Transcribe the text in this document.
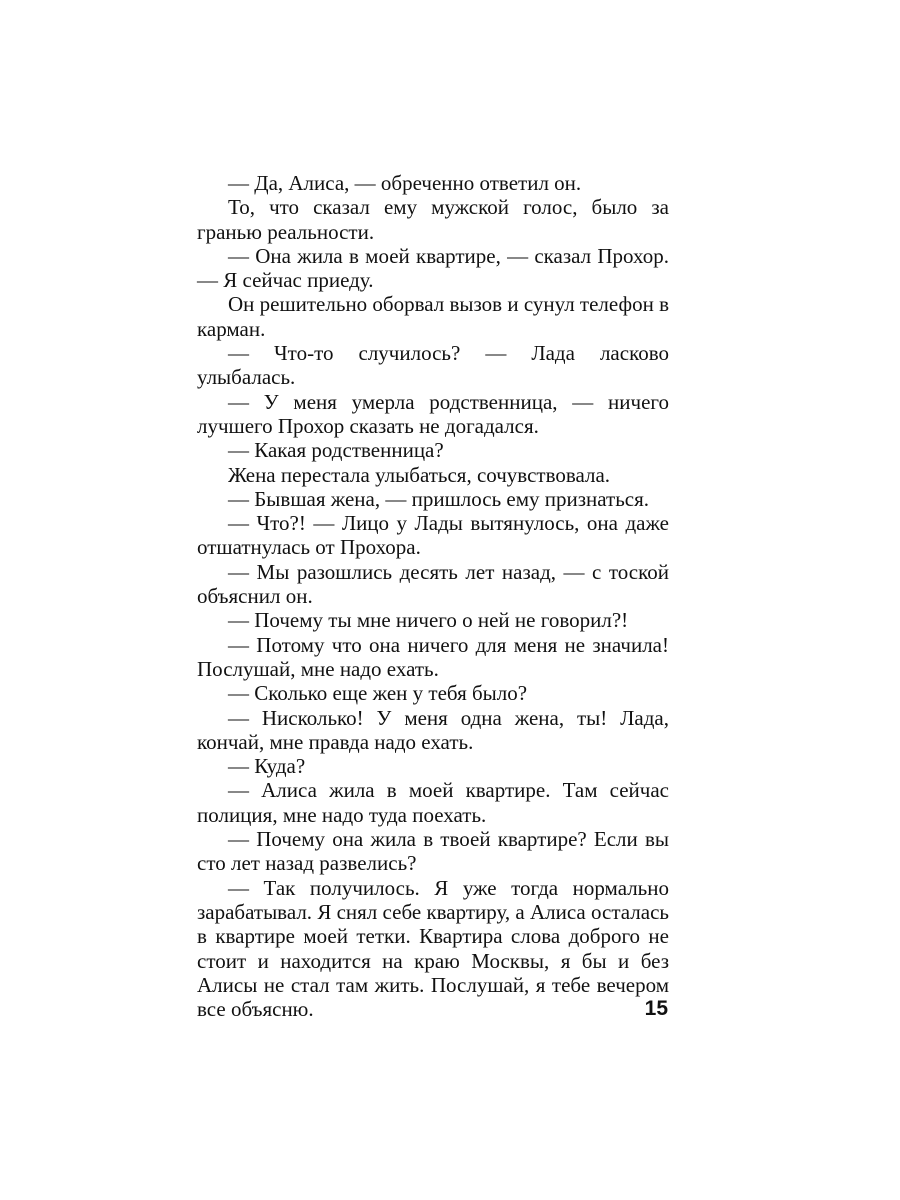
— Да, Алиса, — обреченно ответил он.

То, что сказал ему мужской голос, было за гранью реальности.

— Она жила в моей квартире, — сказал Прохор. — Я сейчас приеду.

Он решительно оборвал вызов и сунул телефон в карман.

— Что-то случилось? — Лада ласково улыбалась.

— У меня умерла родственница, — ничего лучшего Прохор сказать не догадался.

— Какая родственница?

Жена перестала улыбаться, сочувствовала.

— Бывшая жена, — пришлось ему признаться.

— Что?! — Лицо у Лады вытянулось, она даже отшатнулась от Прохора.

— Мы разошлись десять лет назад, — с тоской объяснил он.

— Почему ты мне ничего о ней не говорил?!

— Потому что она ничего для меня не значила! Послушай, мне надо ехать.

— Сколько еще жен у тебя было?

— Нисколько! У меня одна жена, ты! Лада, кончай, мне правда надо ехать.

— Куда?

— Алиса жила в моей квартире. Там сейчас полиция, мне надо туда поехать.

— Почему она жила в твоей квартире? Если вы сто лет назад развелись?

— Так получилось. Я уже тогда нормально зарабатывал. Я снял себе квартиру, а Алиса осталась в квартире моей тетки. Квартира слова доброго не стоит и находится на краю Москвы, я бы и без Алисы не стал там жить. Послушай, я тебе вечером все объясню.	15
